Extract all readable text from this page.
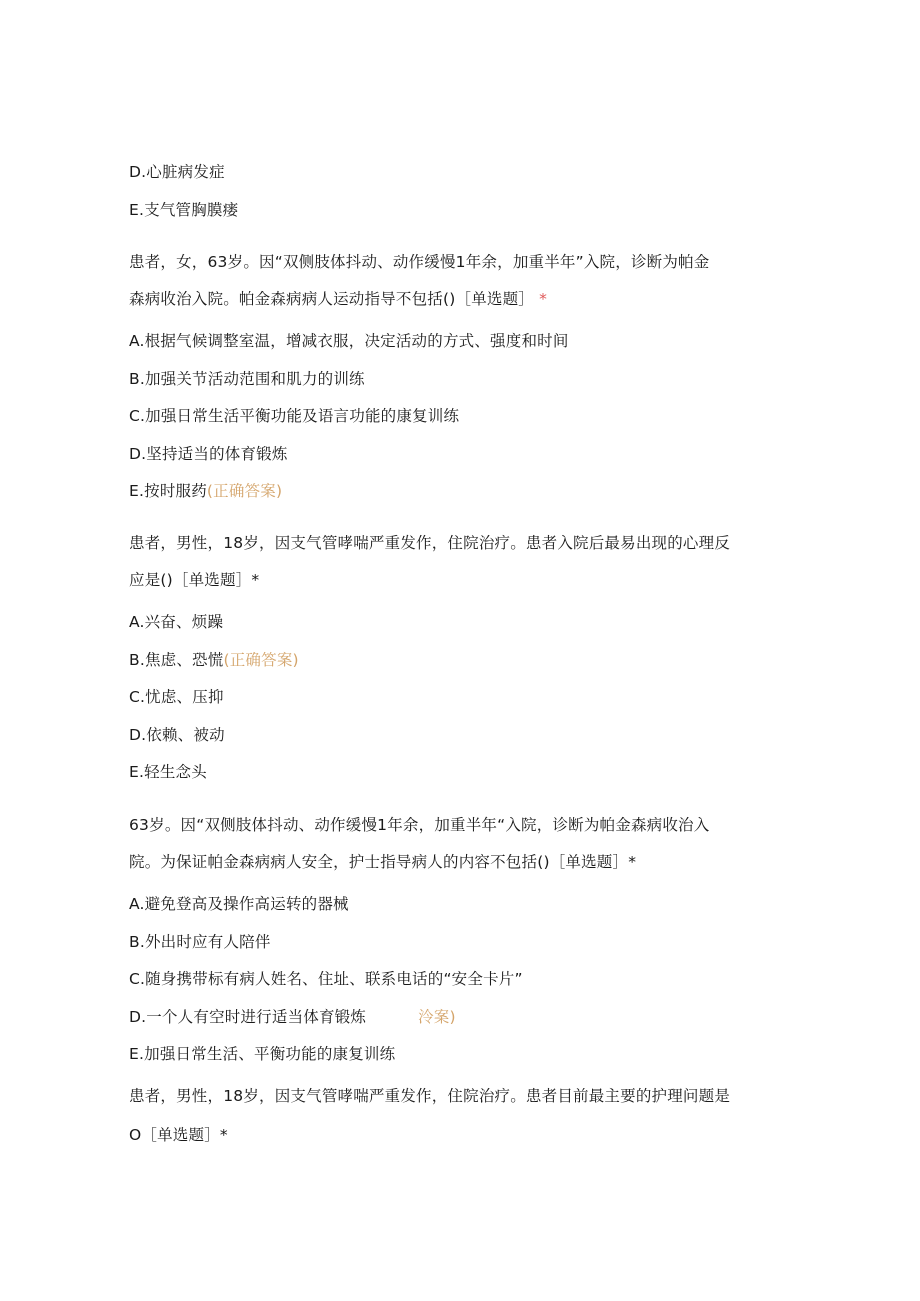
D.心脏病发症
E.支气管胸膜瘘
患者，女，63岁。因“双侧肢体抖动、动作缓慢1年余，加重半年”入院，诊断为帕金
森病收治入院。帕金森病病人运动指导不包括()［单选题］ *
A.根据气候调整室温，增减衣服，决定活动的方式、强度和时间
B.加强关节活动范围和肌力的训练
C.加强日常生活平衡功能及语言功能的康复训练
D.坚持适当的体育锻炼
E.按时服药(正确答案)
患者，男性，18岁，因支气管哮喘严重发作，住院治疗。患者入院后最易出现的心理反
应是()［单选题］*
A.兴奋、烦躁
B.焦虑、恐慌(正确答案)
C.忧虑、压抑
D.依赖、被动
E.轻生念头
63岁。因“双侧肢体抖动、动作缓慢1年余，加重半年“入院，诊断为帕金森病收治入
院。为保证帕金森病病人安全，护士指导病人的内容不包括()［单选题］*
A.避免登高及操作高运转的器械
B.外出时应有人陪伴
C.随身携带标有病人姓名、住址、联系电话的“安全卡片”
D.一个人有空时进行适当体育锻炼	泠案)
E.加强日常生活、平衡功能的康复训练
患者，男性，18岁，因支气管哮喘严重发作，住院治疗。患者目前最主要的护理问题是
O［单选题］*
